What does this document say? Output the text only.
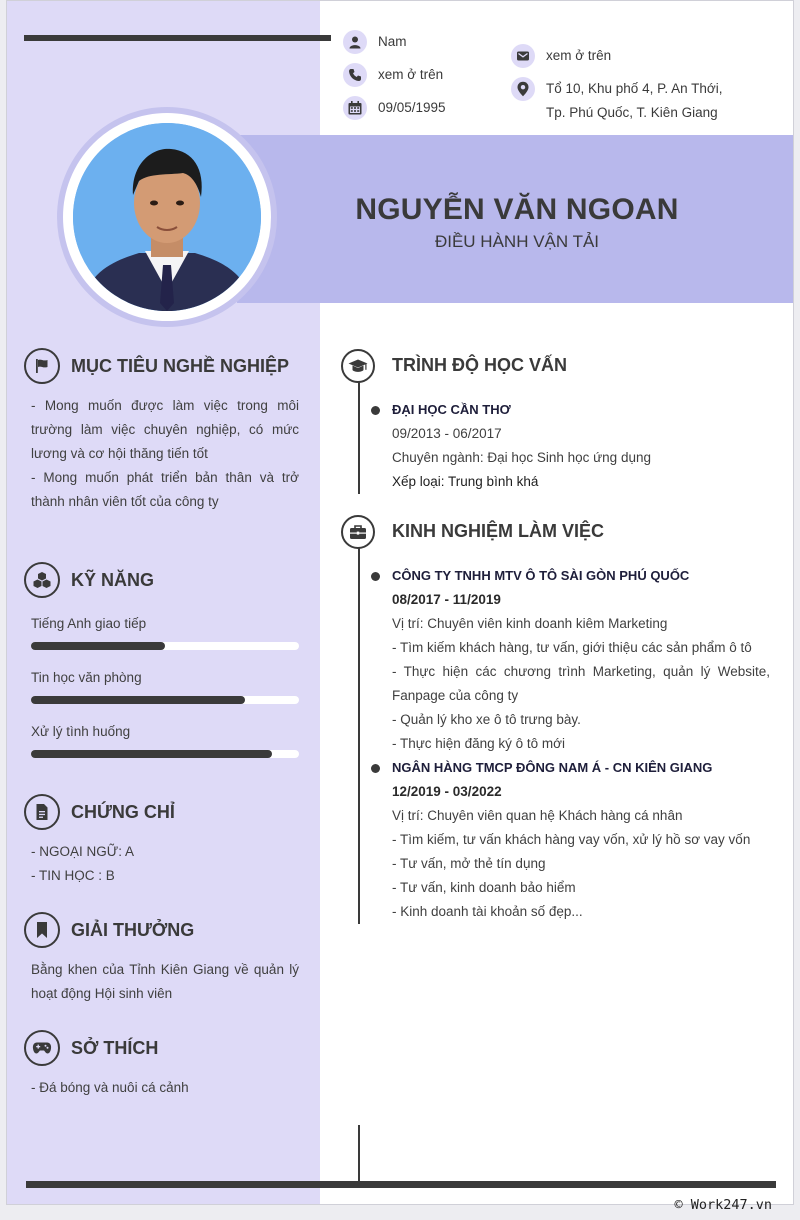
Nam
xem ở trên
09/05/1995
xem ở trên
Tổ 10, Khu phố 4, P. An Thới,
Tp. Phú Quốc, T. Kiên Giang
NGUYỄN VĂN NGOAN
ĐIỀU HÀNH VẬN TẢI
MỤC TIÊU NGHỀ NGHIỆP
- Mong muốn được làm việc trong môi trường làm việc chuyên nghiệp, có mức lương và cơ hội thăng tiến tốt
- Mong muốn phát triển bản thân và trở thành nhân viên tốt của công ty
KỸ NĂNG
Tiếng Anh giao tiếp
Tin học văn phòng
Xử lý tình huống
CHỨNG CHỈ
- NGOẠI NGỮ: A
- TIN HỌC : B
GIẢI THƯỞNG
Bằng khen của Tỉnh Kiên Giang về quản lý hoạt động Hội sinh viên
SỞ THÍCH
- Đá bóng và nuôi cá cảnh
TRÌNH ĐỘ HỌC VẤN
ĐẠI HỌC CẦN THƠ
09/2013 - 06/2017
Chuyên ngành: Đại học Sinh học ứng dụng
Xếp loại: Trung bình khá
KINH NGHIỆM LÀM VIỆC
CÔNG TY TNHH MTV Ô TÔ SÀI GÒN PHÚ QUỐC
08/2017 - 11/2019
Vị trí: Chuyên viên kinh doanh kiêm Marketing
- Tìm kiếm khách hàng, tư vấn, giới thiệu các sản phẩm ô tô
- Thực hiện các chương trình Marketing, quản lý Website, Fanpage của công ty
- Quản lý kho xe ô tô trưng bày.
- Thực hiện đăng ký ô tô mới
NGÂN HÀNG TMCP ĐÔNG NAM Á - CN KIÊN GIANG
12/2019 - 03/2022
Vị trí: Chuyên viên quan hệ Khách hàng cá nhân
- Tìm kiếm, tư vấn khách hàng vay vốn, xử lý hồ sơ vay vốn
- Tư vấn, mở thẻ tín dụng
- Tư vấn, kinh doanh bảo hiểm
- Kinh doanh tài khoản số đẹp...
© Work247.vn
